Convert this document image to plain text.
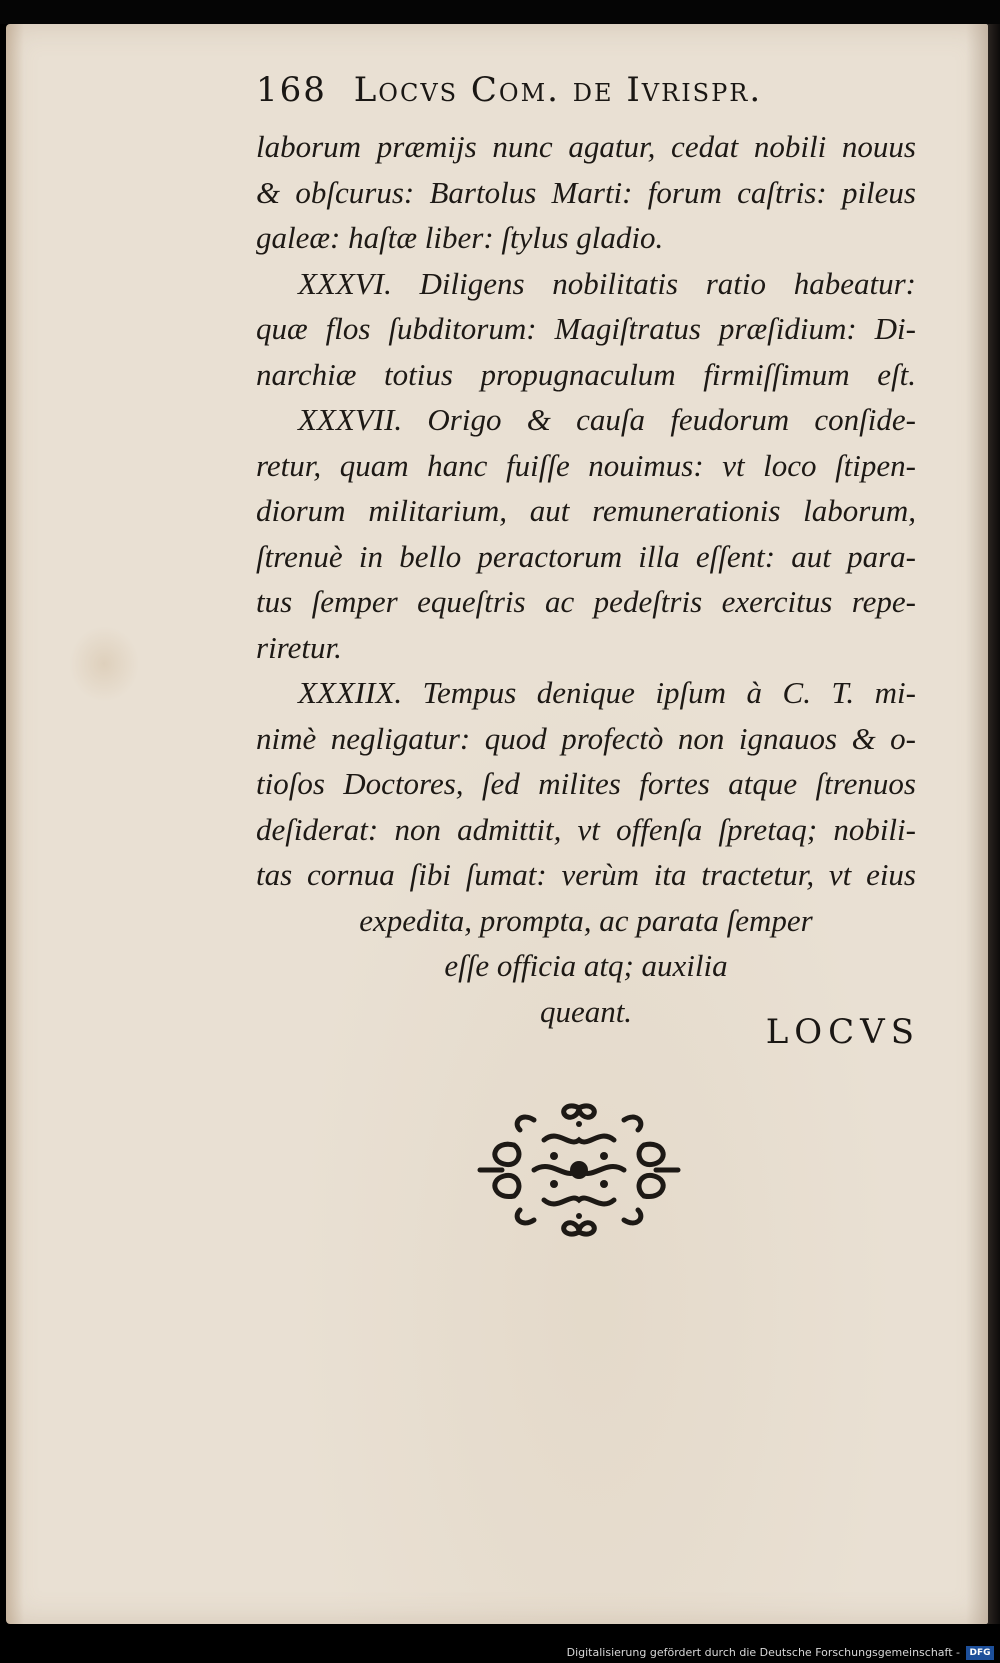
168 Locvs Com. de Ivrispr.
laborum præmijs nunc agatur, cedat nobili nouus
& obſcurus: Bartolus Marti: forum caſtris: pileus
galeæ: haſtæ liber: ſtylus gladio.
XXXVI. Diligens nobilitatis ratio habeatur:
quæ flos ſubditorum: Magiſtratus præſidium: Di-
narchiæ totius propugnaculum firmiſſimum eſt.
XXXVII. Origo & cauſa feudorum conſide-
retur, quam hanc fuiſſe nouimus: vt loco ſtipen-
diorum militarium, aut remunerationis laborum,
ſtrenuè in bello peractorum illa eſſent: aut para-
tus ſemper equeſtris ac pedeſtris exercitus repe-
riretur.
XXXIIX. Tempus denique ipſum à C. T. mi-
nimè negligatur: quod profectò non ignauos & o-
tioſos Doctores, ſed milites fortes atque ſtrenuos
deſiderat: non admittit, vt offenſa ſpretaq; nobili-
tas cornua ſibi ſumat: verùm ita tractetur, vt eius
expedita, prompta, ac parata ſemper
eſſe officia atq; auxilia
queant.
LOCVS
Digitalisierung gefördert durch die Deutsche Forschungsgemeinschaft -	DFG
